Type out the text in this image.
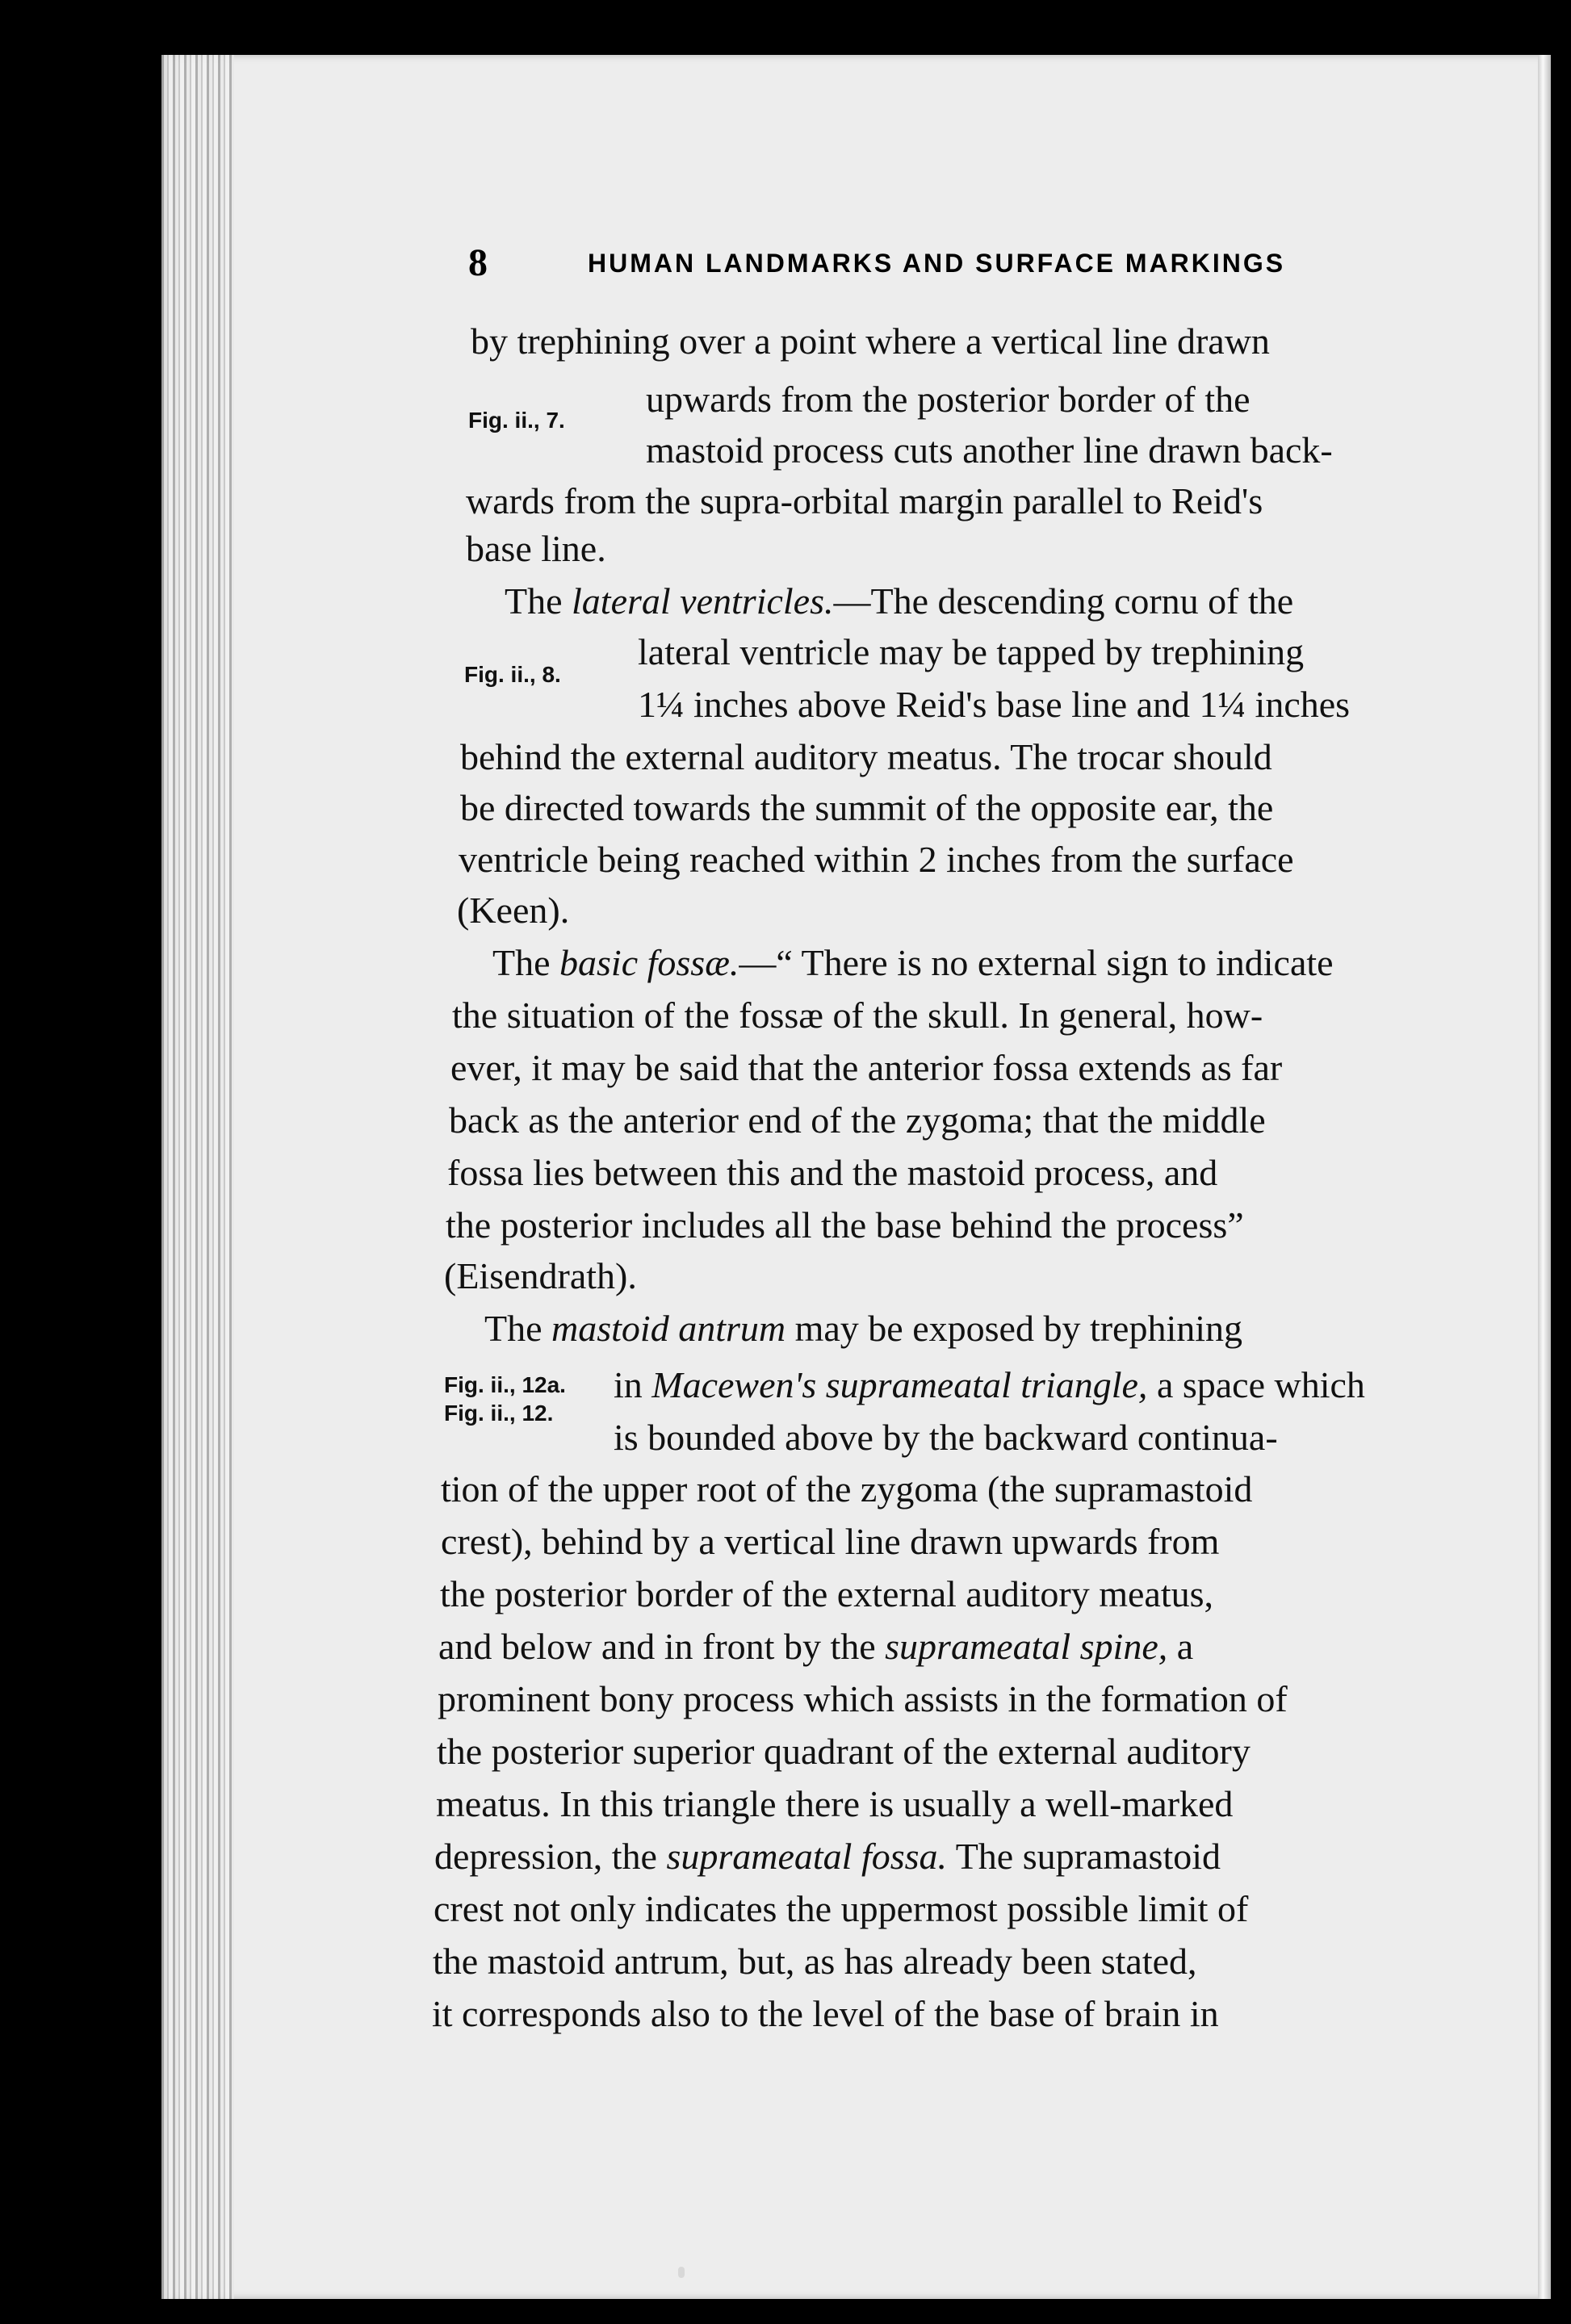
8	HUMAN LANDMARKS AND SURFACE MARKINGS
Fig. ii., 7.
Fig. ii., 8.
Fig. ii., 12a.
Fig. ii., 12.
by trephining over a point where a vertical line drawn
upwards from the posterior border of the
mastoid process cuts another line drawn back-
wards from the supra-orbital margin parallel to Reid's
base line.
The lateral ventricles.—The descending cornu of the
lateral ventricle may be tapped by trephining
1¼ inches above Reid's base line and 1¼ inches
behind the external auditory meatus. The trocar should
be directed towards the summit of the opposite ear, the
ventricle being reached within 2 inches from the surface
(Keen).
The basic fossæ.—“ There is no external sign to indicate
the situation of the fossæ of the skull. In general, how-
ever, it may be said that the anterior fossa extends as far
back as the anterior end of the zygoma; that the middle
fossa lies between this and the mastoid process, and
the posterior includes all the base behind the process”
(Eisendrath).
The mastoid antrum may be exposed by trephining
in Macewen's suprameatal triangle, a space which
is bounded above by the backward continua-
tion of the upper root of the zygoma (the supramastoid
crest), behind by a vertical line drawn upwards from
the posterior border of the external auditory meatus,
and below and in front by the suprameatal spine, a
prominent bony process which assists in the formation of
the posterior superior quadrant of the external auditory
meatus. In this triangle there is usually a well-marked
depression, the suprameatal fossa. The supramastoid
crest not only indicates the uppermost possible limit of
the mastoid antrum, but, as has already been stated,
it corresponds also to the level of the base of brain in
